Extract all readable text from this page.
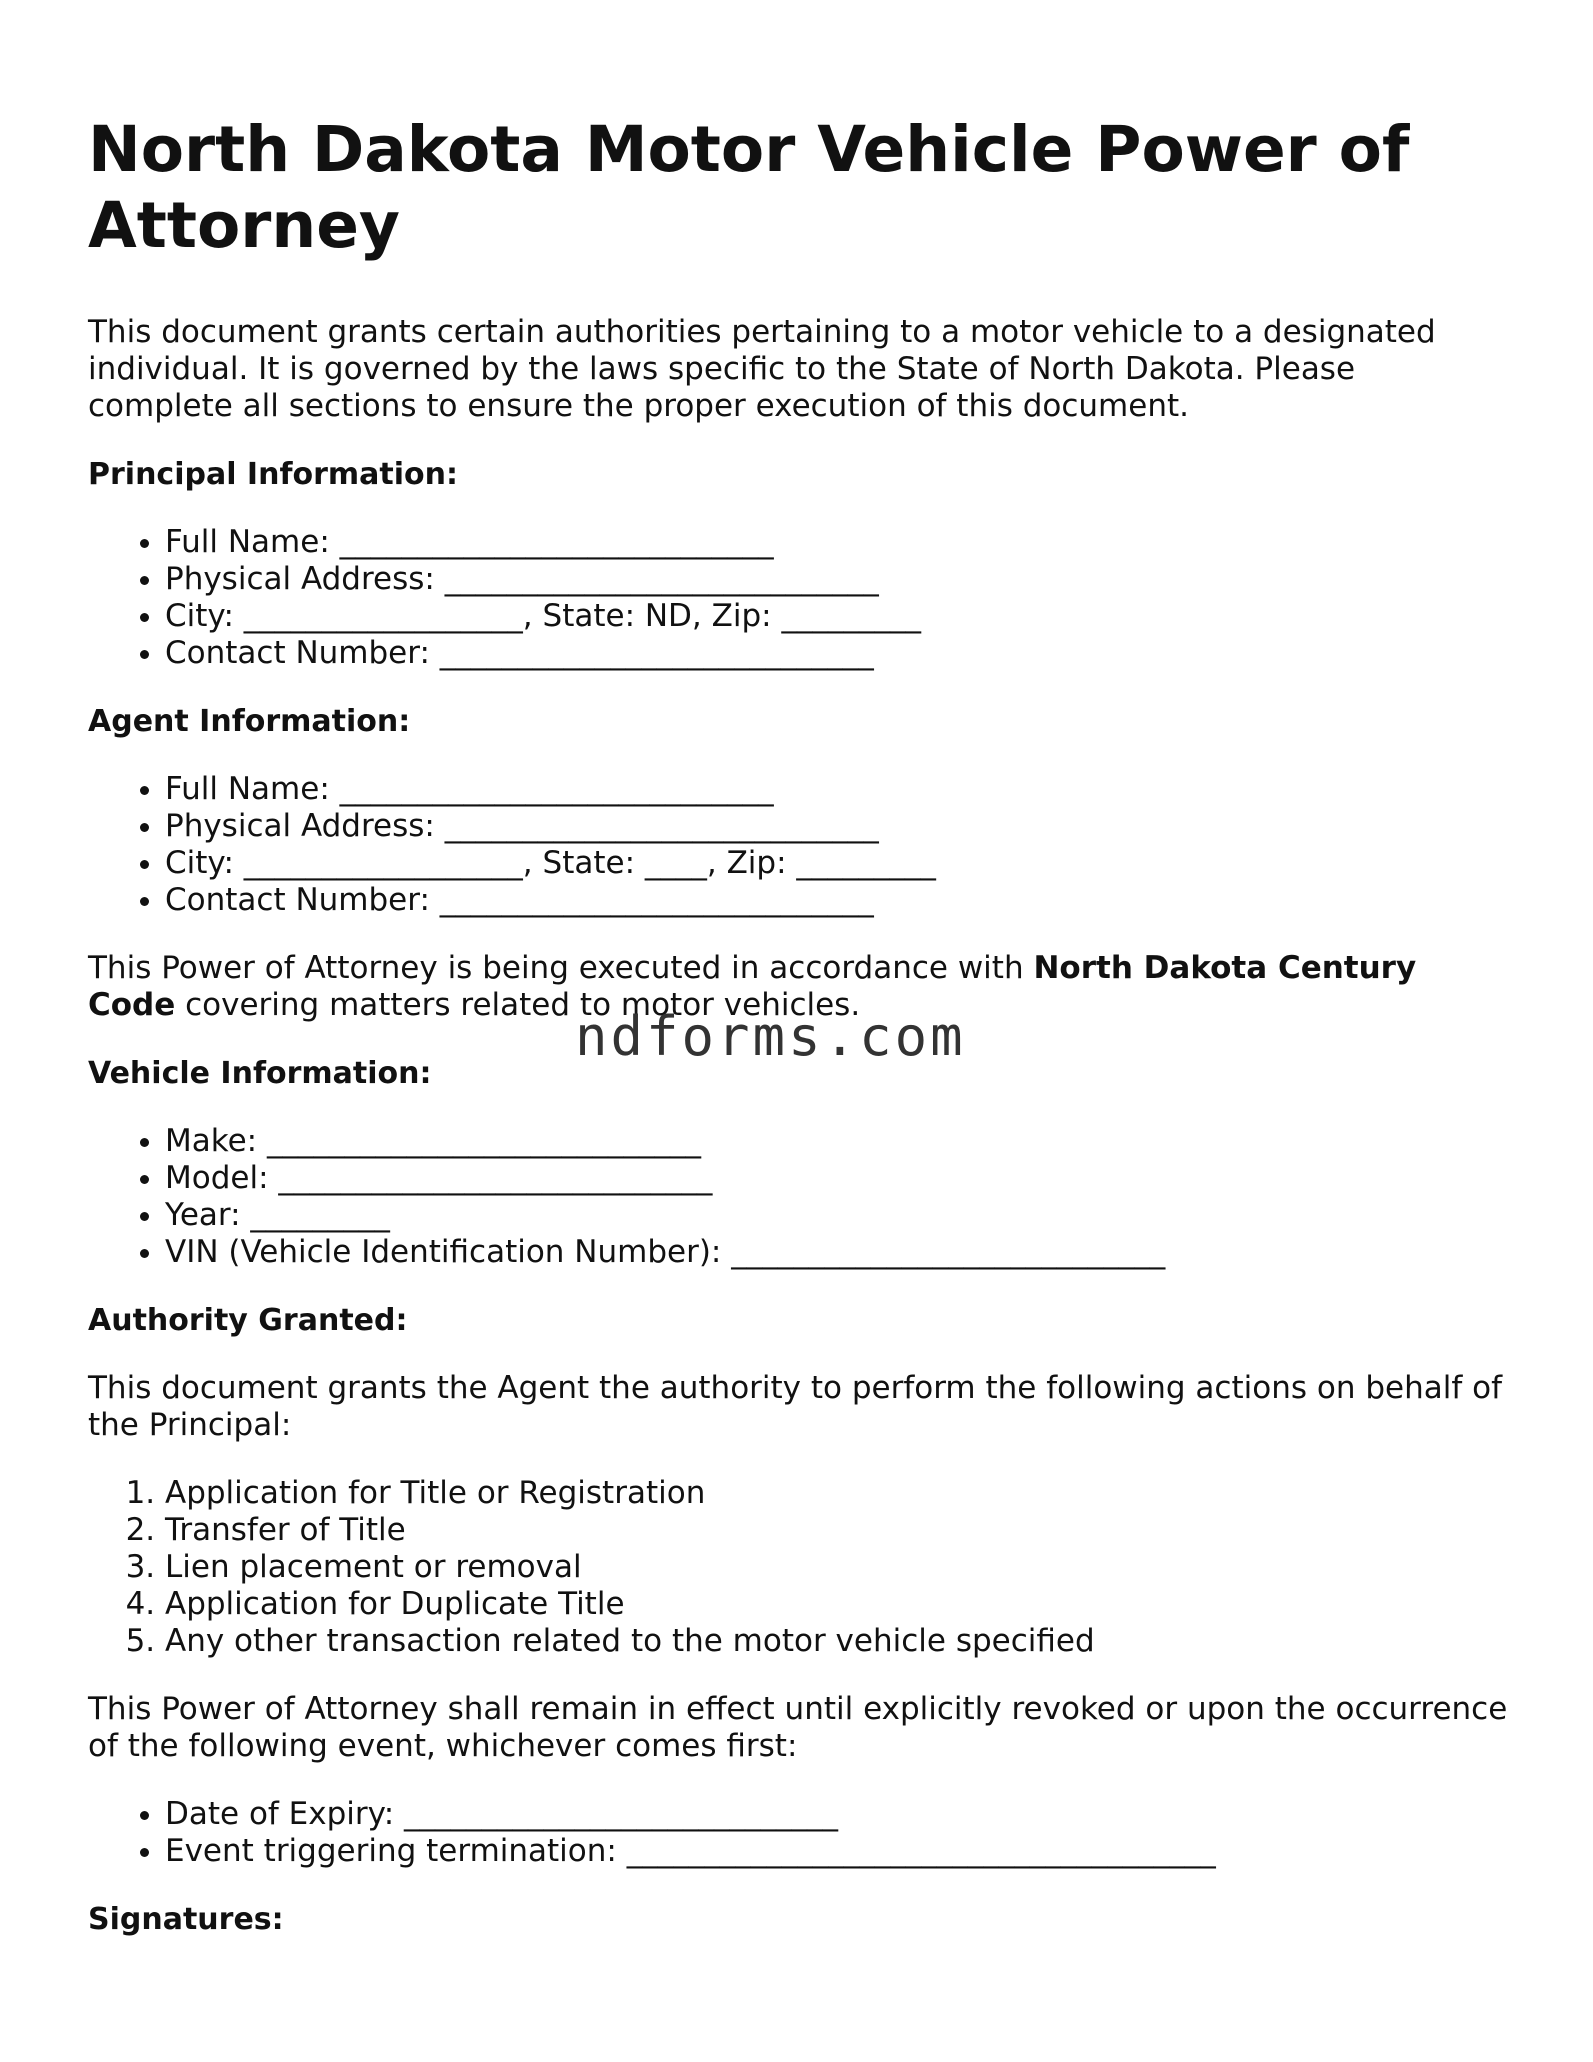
North Dakota Motor Vehicle Power of Attorney

This document grants certain authorities pertaining to a motor vehicle to a designated individual. It is governed by the laws specific to the State of North Dakota. Please complete all sections to ensure the proper execution of this document.

Principal Information:
• Full Name: ____________________________
• Physical Address: ____________________________
• City: __________________, State: ND, Zip: _________
• Contact Number: ____________________________
Agent Information:
• Full Name: ____________________________
• Physical Address: ____________________________
• City: __________________, State: ____, Zip: _________
• Contact Number: ____________________________

This Power of Attorney is being executed in accordance with North Dakota Century Code covering matters related to motor vehicles.

Vehicle Information:
• Make: ____________________________
• Model: ____________________________
• Year: _________
• VIN (Vehicle Identification Number): ____________________________
Authority Granted:

This document grants the Agent the authority to perform the following actions on behalf of the Principal:

1. Application for Title or Registration
2. Transfer of Title
3. Lien placement or removal
4. Application for Duplicate Title
5. Any other transaction related to the motor vehicle specified

This Power of Attorney shall remain in effect until explicitly revoked or upon the occurrence of the following event, whichever comes first:

• Date of Expiry: ____________________________
• Event triggering termination: ______________________________________
Signatures:
ndforms.com
